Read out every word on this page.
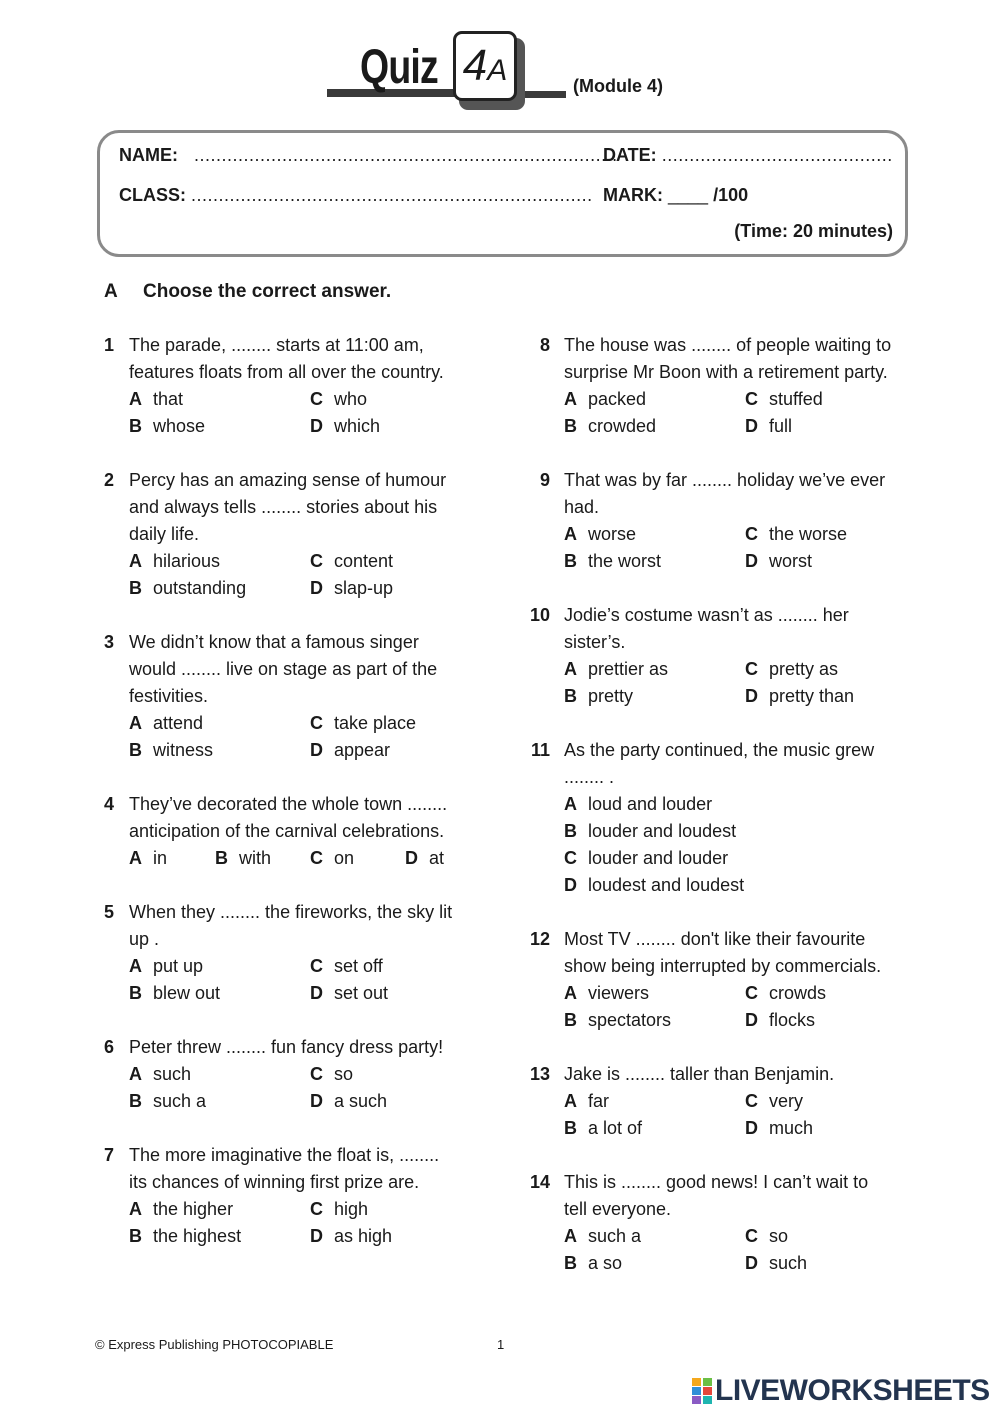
Quiz 4A	(Module 4)
NAME:   .............................................................................
DATE: ..........................................
CLASS: ......................................................................... MARK: ____ /100
(Time: 20 minutes)
A Choose the correct answer.
1 The parade, ........ starts at 11:00 am, features floats from all over the country.

A that	C who
B whose	D which
2 Percy has an amazing sense of humour and always tells ........ stories about his daily life.

A hilarious	C content
B outstanding	D slap-up
3 We didn’t know that a famous singer would ........ live on stage as part of the festivities.

A attend	C take place
B witness	D appear
4 They’ve decorated the whole town ........ anticipation of the carnival celebrations.

A in	B with	C on	D at
5 When they ........ the fireworks, the sky lit up .

A put up	C set off
B blew out	D set out
6 Peter threw ........ fun fancy dress party!

A such	C so
B such a	D a such
7 The more imaginative the float is, ........ its chances of winning first prize are.

A the higher	C high
B the highest	D as high
8 The house was ........ of people waiting to surprise Mr Boon with a retirement party.

A packed	C stuffed
B crowded	D full
9 That was by far ........ holiday we’ve ever had.

A worse	C the worse
B the worst	D worst
10 Jodie’s costume wasn’t as ........ her sister’s.

A prettier as	C pretty as
B pretty	D pretty than
11 As the party continued, the music grew ........ .

A loud and louder
B louder and loudest
C louder and louder
D loudest and loudest
12 Most TV ........ don't like their favourite show being interrupted by commercials.

A viewers	C crowds
B spectators	D flocks
13 Jake is ........ taller than Benjamin.

A far	C very
B a lot of	D much
14 This is ........ good news! I can’t wait to tell everyone.

A such a	C so
B a so	D such
© Express Publishing PHOTOCOPIABLE	1
LIVEWORKSHEETS
